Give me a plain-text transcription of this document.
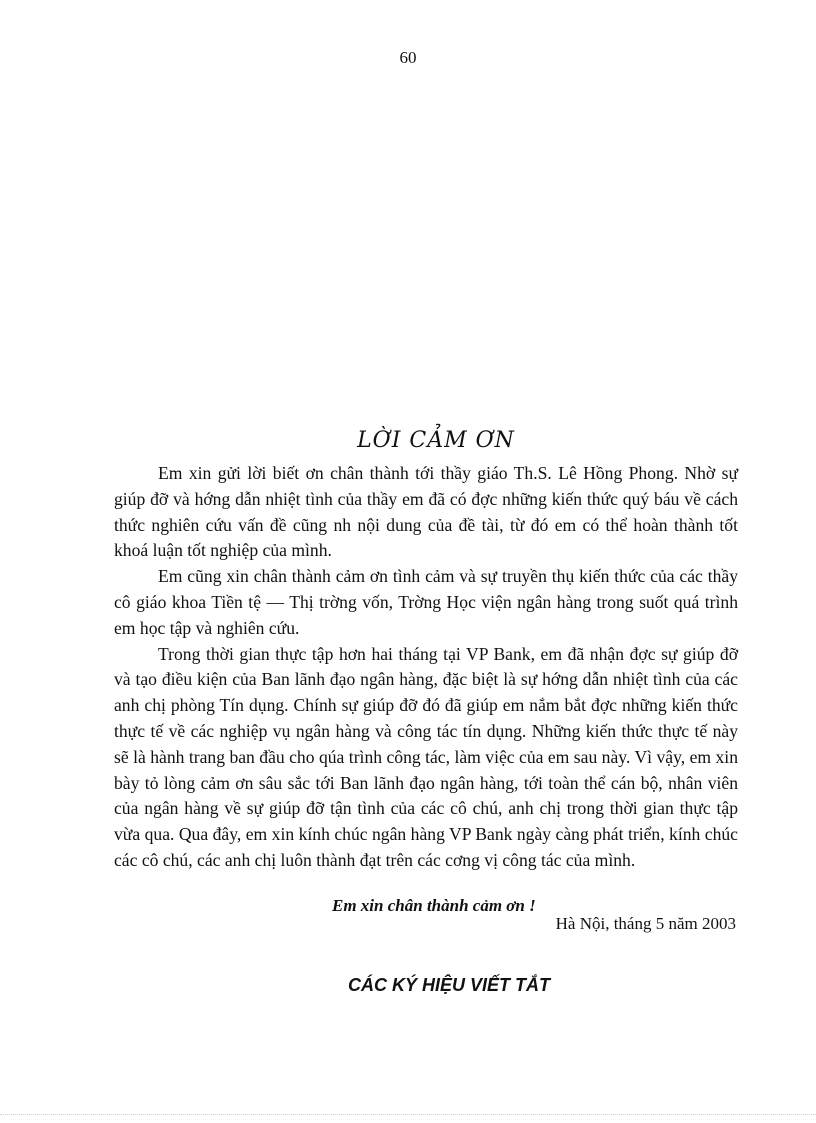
60
LỜI CẢM ƠN

Em xin gửi lời biết ơn chân thành tới thầy giáo Th.S. Lê Hồng Phong. Nhờ sự giúp đỡ và hớng dẫn nhiệt tình của thầy em đã có đợc những kiến thức quý báu về cách thức nghiên cứu vấn đề cũng nh nội dung của đề tài, từ đó em có thể hoàn thành tốt khoá luận tốt nghiệp của mình.

Em cũng xin chân thành cảm ơn tình cảm và sự truyền thụ kiến thức của các thầy cô giáo khoa Tiền tệ — Thị trờng vốn, Trờng Học viện ngân hàng trong suốt quá trình em học tập và nghiên cứu.

Trong thời gian thực tập hơn hai tháng tại VP Bank, em đã nhận đợc sự giúp đỡ và tạo điều kiện của Ban lãnh đạo ngân hàng, đặc biệt là sự hớng dẫn nhiệt tình của các anh chị phòng Tín dụng. Chính sự giúp đỡ đó đã giúp em nắm bắt đợc những kiến thức thực tế về các nghiệp vụ ngân hàng và công tác tín dụng. Những kiến thức thực tế này sẽ là hành trang ban đầu cho qúa trình công tác, làm việc của em sau này. Vì vậy, em xin bày tỏ lòng cảm ơn sâu sắc tới Ban lãnh đạo ngân hàng, tới toàn thể cán bộ, nhân viên của ngân hàng về sự giúp đỡ tận tình của các cô chú, anh chị trong thời gian thực tập vừa qua. Qua đây, em xin kính chúc ngân hàng VP Bank ngày càng phát triển, kính chúc các cô chú, các anh chị luôn thành đạt trên các cơng vị công tác của mình.

Em xin chân thành cảm ơn !
Hà Nội, tháng 5 năm 2003
CÁC KÝ HIỆU VIẾT TẮT
